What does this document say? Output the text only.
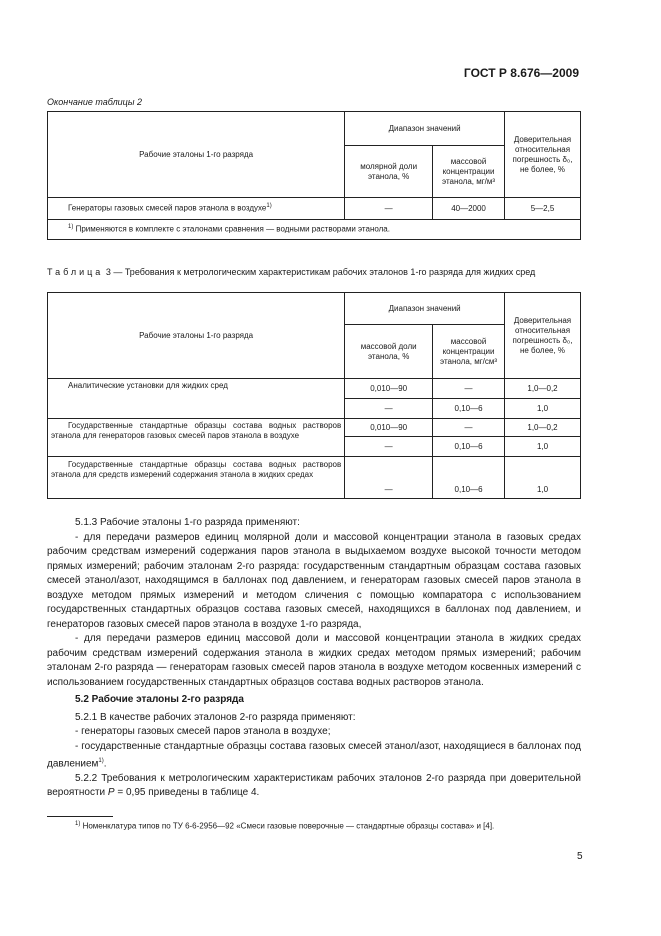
ГОСТ Р 8.676—2009
Окончание таблицы 2
Рабочие эталоны 1-го разряда	Диапазон значений		Доверительная относительная погрешность δ₀, не более, %
	молярной доли этанола, %	массовой концентрации этанола, мг/м³	
Генераторы газовых смесей паров этанола в воздухе$^{1)}$	—	40—2000	5—2,5
$^{1)}$ Применяются в комплекте с эталонами сравнения — водными растворами этанола.			
Таблица 3 — Требования к метрологическим характеристикам рабочих эталонов 1-го разряда для жидких сред
Рабочие эталоны 1-го разряда	Диапазон значений		Доверительная относительная погрешность δ₀, не более, %
	массовой доли этанола, %	массовой концентрации этанола, мг/см³	
Аналитические установки для жидких сред	0,010—90	—	1,0—0,2
	—	0,10—6	1,0
Государственные стандартные образцы состава водных растворов этанола для генераторов газовых смесей паров этанола в воздухе	0,010—90	—	1,0—0,2
	—	0,10—6	1,0
Государственные стандартные образцы состава водных растворов этанола для средств измерений содержания этанола в жидких средах	—	0,10—6	1,0

5.1.3 Рабочие эталоны 1-го разряда применяют:

- для передачи размеров единиц молярной доли и массовой концентрации этанола в газовых средах рабочим средствам измерений содержания паров этанола в выдыхаемом воздухе высокой точности методом прямых измерений; рабочим эталонам 2-го разряда: государственным стандартным образцам состава газовых смесей этанол/азот, находящимся в баллонах под давлением, и генераторам газовых смесей паров этанола в воздухе методом прямых измерений и методом сличения с помощью компаратора с использованием государственных стандартных образцов состава газовых смесей, находящихся в баллонах под давлением, и генераторов газовых смесей паров этанола в воздухе 1-го разряда,

- для передачи размеров единиц массовой доли и массовой концентрации этанола в жидких средах рабочим средствам измерений содержания этанола в жидких средах методом прямых измерений; рабочим эталонам 2-го разряда — генераторам газовых смесей паров этанола в воздухе методом косвенных измерений с использованием государственных стандартных образцов состава водных растворов этанола.

5.2 Рабочие эталоны 2-го разряда

5.2.1 В качестве рабочих эталонов 2-го разряда применяют:

- генераторы газовых смесей паров этанола в воздухе;

- государственные стандартные образцы состава газовых смесей этанол/азот, находящиеся в баллонах под давлением$^{1)}$.

5.2.2 Требования к метрологическим характеристикам рабочих эталонов 2-го разряда при доверительной вероятности P = 0,95 приведены в таблице 4.

$^{1)}$ Номенклатура типов по ТУ 6-6-2956—92 «Смеси газовые поверочные — стандартные образцы состава» и [4].

5
